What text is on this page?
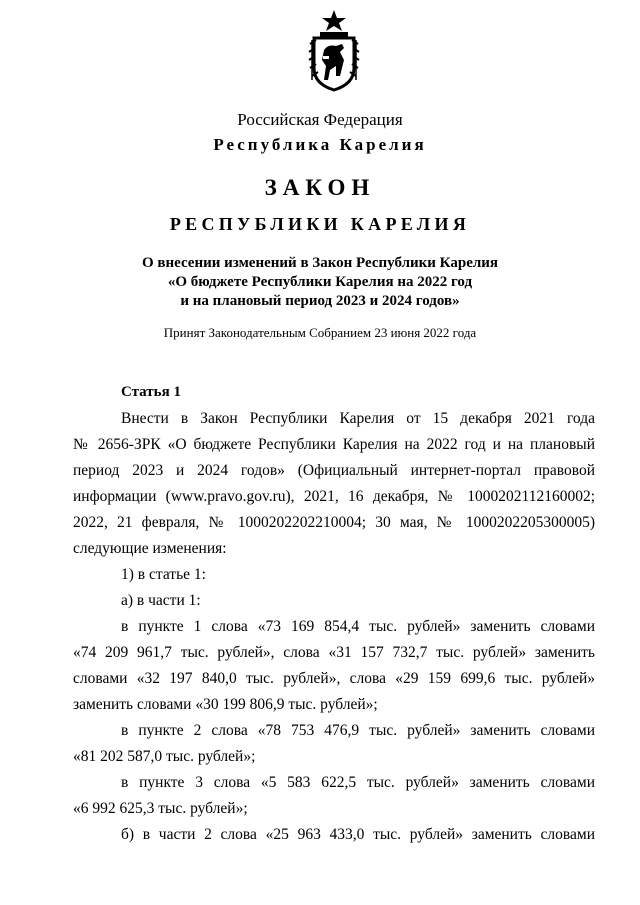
Российская Федерация
Республика Карелия
ЗАКОН
РЕСПУБЛИКИ КАРЕЛИЯ
О внесении изменений в Закон Республики Карелия
«О бюджете Республики Карелия на 2022 год
и на плановый период 2023 и 2024 годов»
Принят Законодательным Собранием 23 июня 2022 года
Статья 1
Внести в Закон Республики Карелия от 15 декабря 2021 года
№ 2656-ЗРК «О бюджете Республики Карелия на 2022 год и на плановый
период 2023 и 2024 годов» (Официальный интернет-портал правовой
информации (www.pravo.gov.ru), 2021, 16 декабря, № 1000202112160002;
2022, 21 февраля, № 1000202202210004; 30 мая, № 1000202205300005)
следующие изменения:
1) в статье 1:
а) в части 1:
в пункте 1 слова «73 169 854,4 тыс. рублей» заменить словами
«74 209 961,7 тыс. рублей», слова «31 157 732,7 тыс. рублей» заменить
словами «32 197 840,0 тыс. рублей», слова «29 159 699,6 тыс. рублей»
заменить словами «30 199 806,9 тыс. рублей»;
в пункте 2 слова «78 753 476,9 тыс. рублей» заменить словами
«81 202 587,0 тыс. рублей»;
в пункте 3 слова «5 583 622,5 тыс. рублей» заменить словами
«6 992 625,3 тыс. рублей»;
б) в части 2 слова «25 963 433,0 тыс. рублей» заменить словами
